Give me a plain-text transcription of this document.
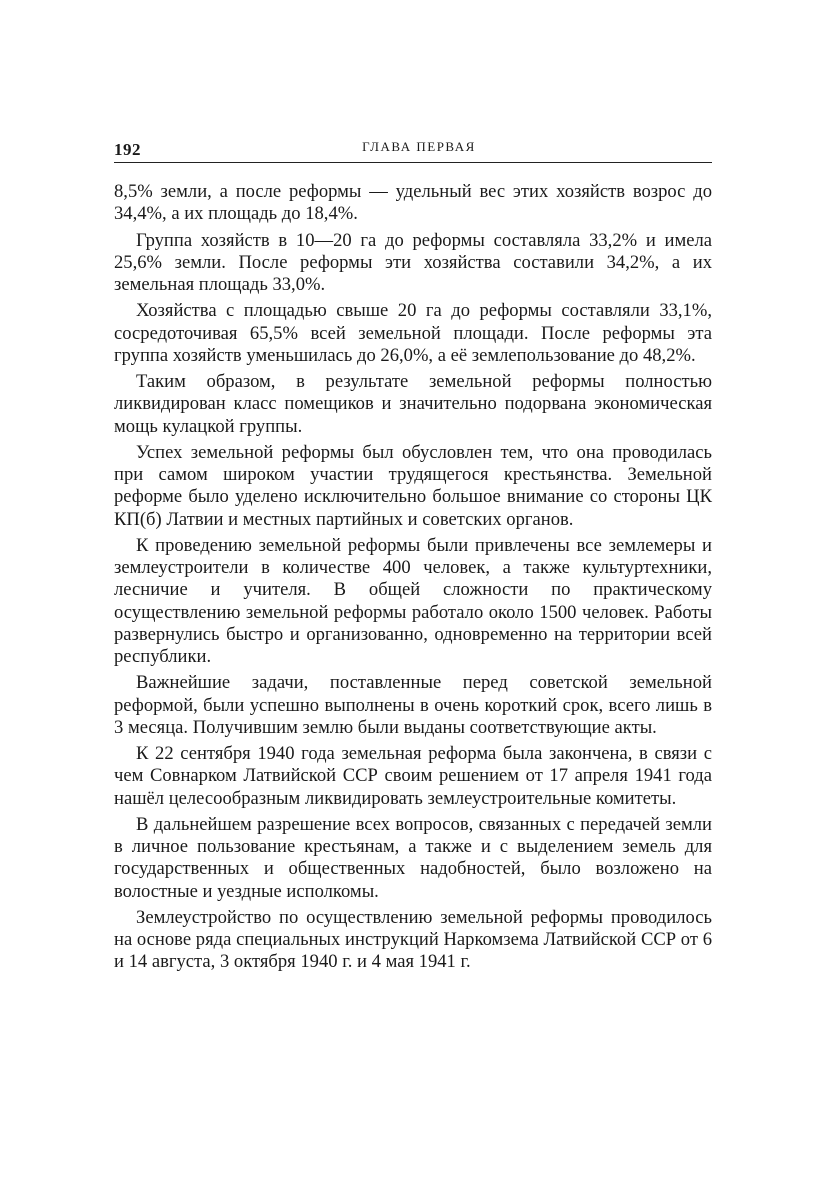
192	ГЛАВА ПЕРВАЯ

8,5% земли, а после реформы — удельный вес этих хозяйств возрос до 34,4%, а их площадь до 18,4%.

Группа хозяйств в 10—20 га до реформы составляла 33,2% и имела 25,6% земли. После реформы эти хозяйства составили 34,2%, а их земельная площадь 33,0%.

Хозяйства с площадью свыше 20 га до реформы составляли 33,1%, сосредоточивая 65,5% всей земельной площади. После реформы эта группа хозяйств уменьшилась до 26,0%, а её землепользование до 48,2%.

Таким образом, в результате земельной реформы полностью ликвидирован класс помещиков и значительно подорвана экономическая мощь кулацкой группы.

Успех земельной реформы был обусловлен тем, что она проводилась при самом широком участии трудящегося крестьянства. Земельной реформе было уделено исключительно большое внимание со стороны ЦК КП(б) Латвии и местных партийных и советских органов.

К проведению земельной реформы были привлечены все землемеры и землеустроители в количестве 400 человек, а также культуртехники, лесничие и учителя. В общей сложности по практическому осуществлению земельной реформы работало около 1500 человек. Работы развернулись быстро и организованно, одновременно на территории всей республики.

Важнейшие задачи, поставленные перед советской земельной реформой, были успешно выполнены в очень короткий срок, всего лишь в 3 месяца. Получившим землю были выданы соответствующие акты.

К 22 сентября 1940 года земельная реформа была закончена, в связи с чем Совнарком Латвийской ССР своим решением от 17 апреля 1941 года нашёл целесообразным ликвидировать землеустроительные комитеты.

В дальнейшем разрешение всех вопросов, связанных с передачей земли в личное пользование крестьянам, а также и с выделением земель для государственных и общественных надобностей, было возложено на волостные и уездные исполкомы.

Землеустройство по осуществлению земельной реформы проводилось на основе ряда специальных инструкций Наркомзема Латвийской ССР от 6 и 14 августа, 3 октября 1940 г. и 4 мая 1941 г.
